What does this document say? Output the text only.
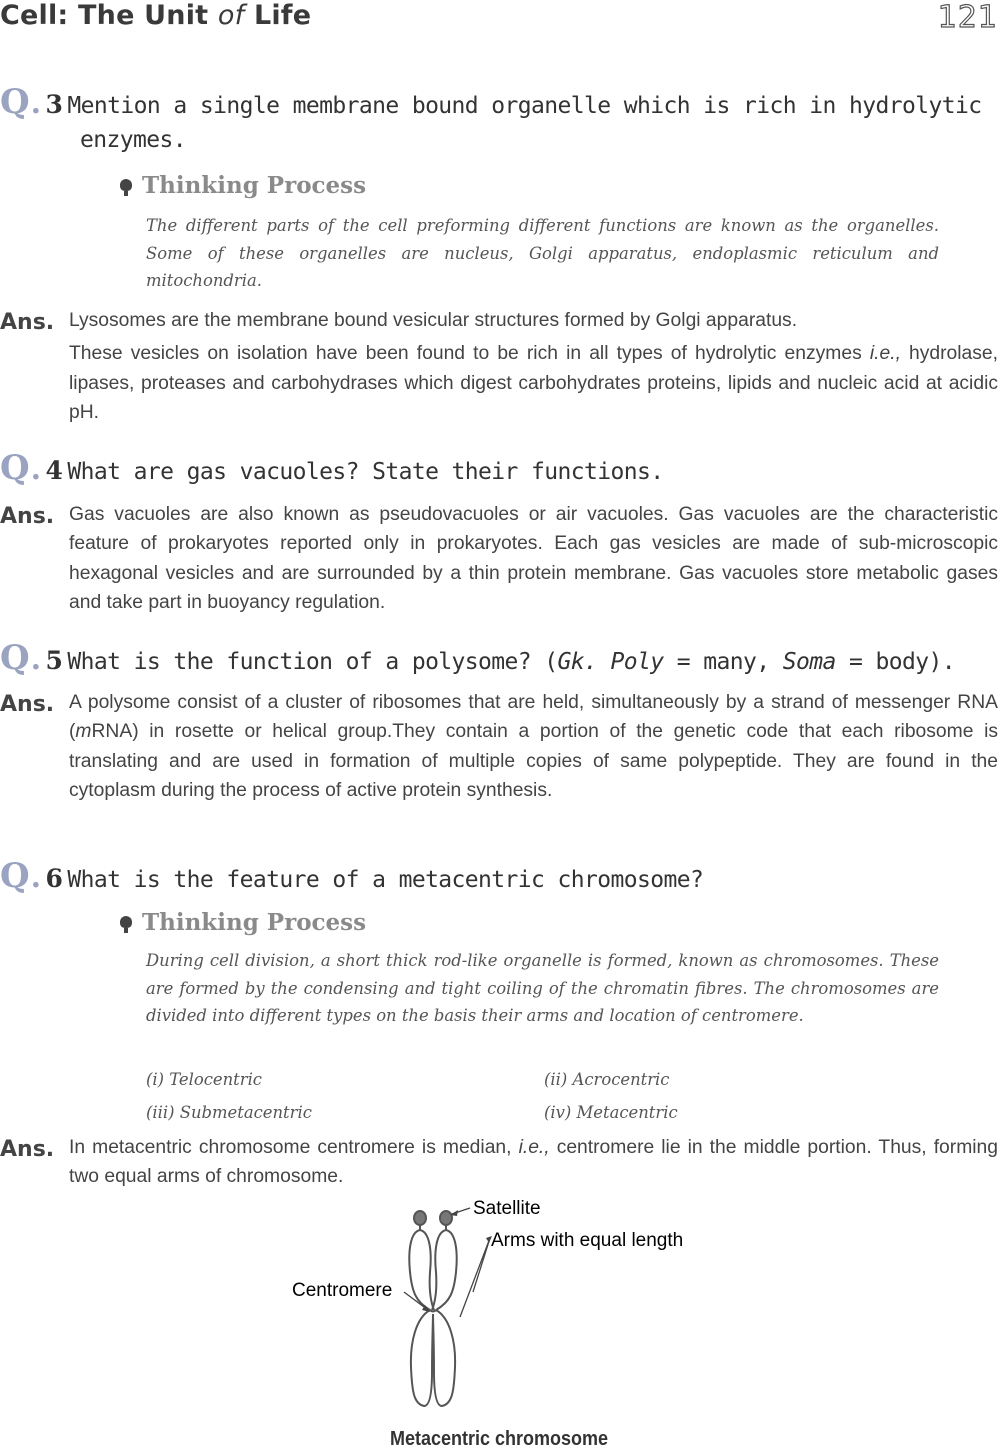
Cell: The Unit of Life	121
Q. 3 Mention a single membrane bound organelle which is rich in hydrolytic
enzymes.
Thinking Process
The different parts of the cell preforming different functions are known as the organelles. Some of these organelles are nucleus, Golgi apparatus, endoplasmic reticulum and mitochondria.
Ans. Lysosomes are the membrane bound vesicular structures formed by Golgi apparatus.

These vesicles on isolation have been found to be rich in all types of hydrolytic enzymes i.e., hydrolase, lipases, proteases and carbohydrases which digest carbohydrates proteins, lipids and nucleic acid at acidic pH.

Q. 4 What are gas vacuoles? State their functions.
Ans. Gas vacuoles are also known as pseudovacuoles or air vacuoles. Gas vacuoles are the characteristic feature of prokaryotes reported only in prokaryotes. Each gas vesicles are made of sub-microscopic hexagonal vesicles and are surrounded by a thin protein membrane. Gas vacuoles store metabolic gases and take part in buoyancy regulation.

Q. 5 What is the function of a polysome? (Gk. Poly = many, Soma = body).
Ans. A polysome consist of a cluster of ribosomes that are held, simultaneously by a strand of messenger RNA (mRNA) in rosette or helical group.They contain a portion of the genetic code that each ribosome is translating and are used in formation of multiple copies of same polypeptide. They are found in the cytoplasm during the process of active protein synthesis.

Q. 6 What is the feature of a metacentric chromosome?
Thinking Process
During cell division, a short thick rod-like organelle is formed, known as chromosomes. These are formed by the condensing and tight coiling of the chromatin fibres. The chromosomes are divided into different types on the basis their arms and location of centromere.
(i) Telocentric	(ii) Acrocentric
(iii) Submetacentric	(iv) Metacentric
Ans. In metacentric chromosome centromere is median, i.e., centromere lie in the middle portion. Thus, forming two equal arms of chromosome.

Satellite
Arms with equal length
Centromere
Metacentric chromosome
